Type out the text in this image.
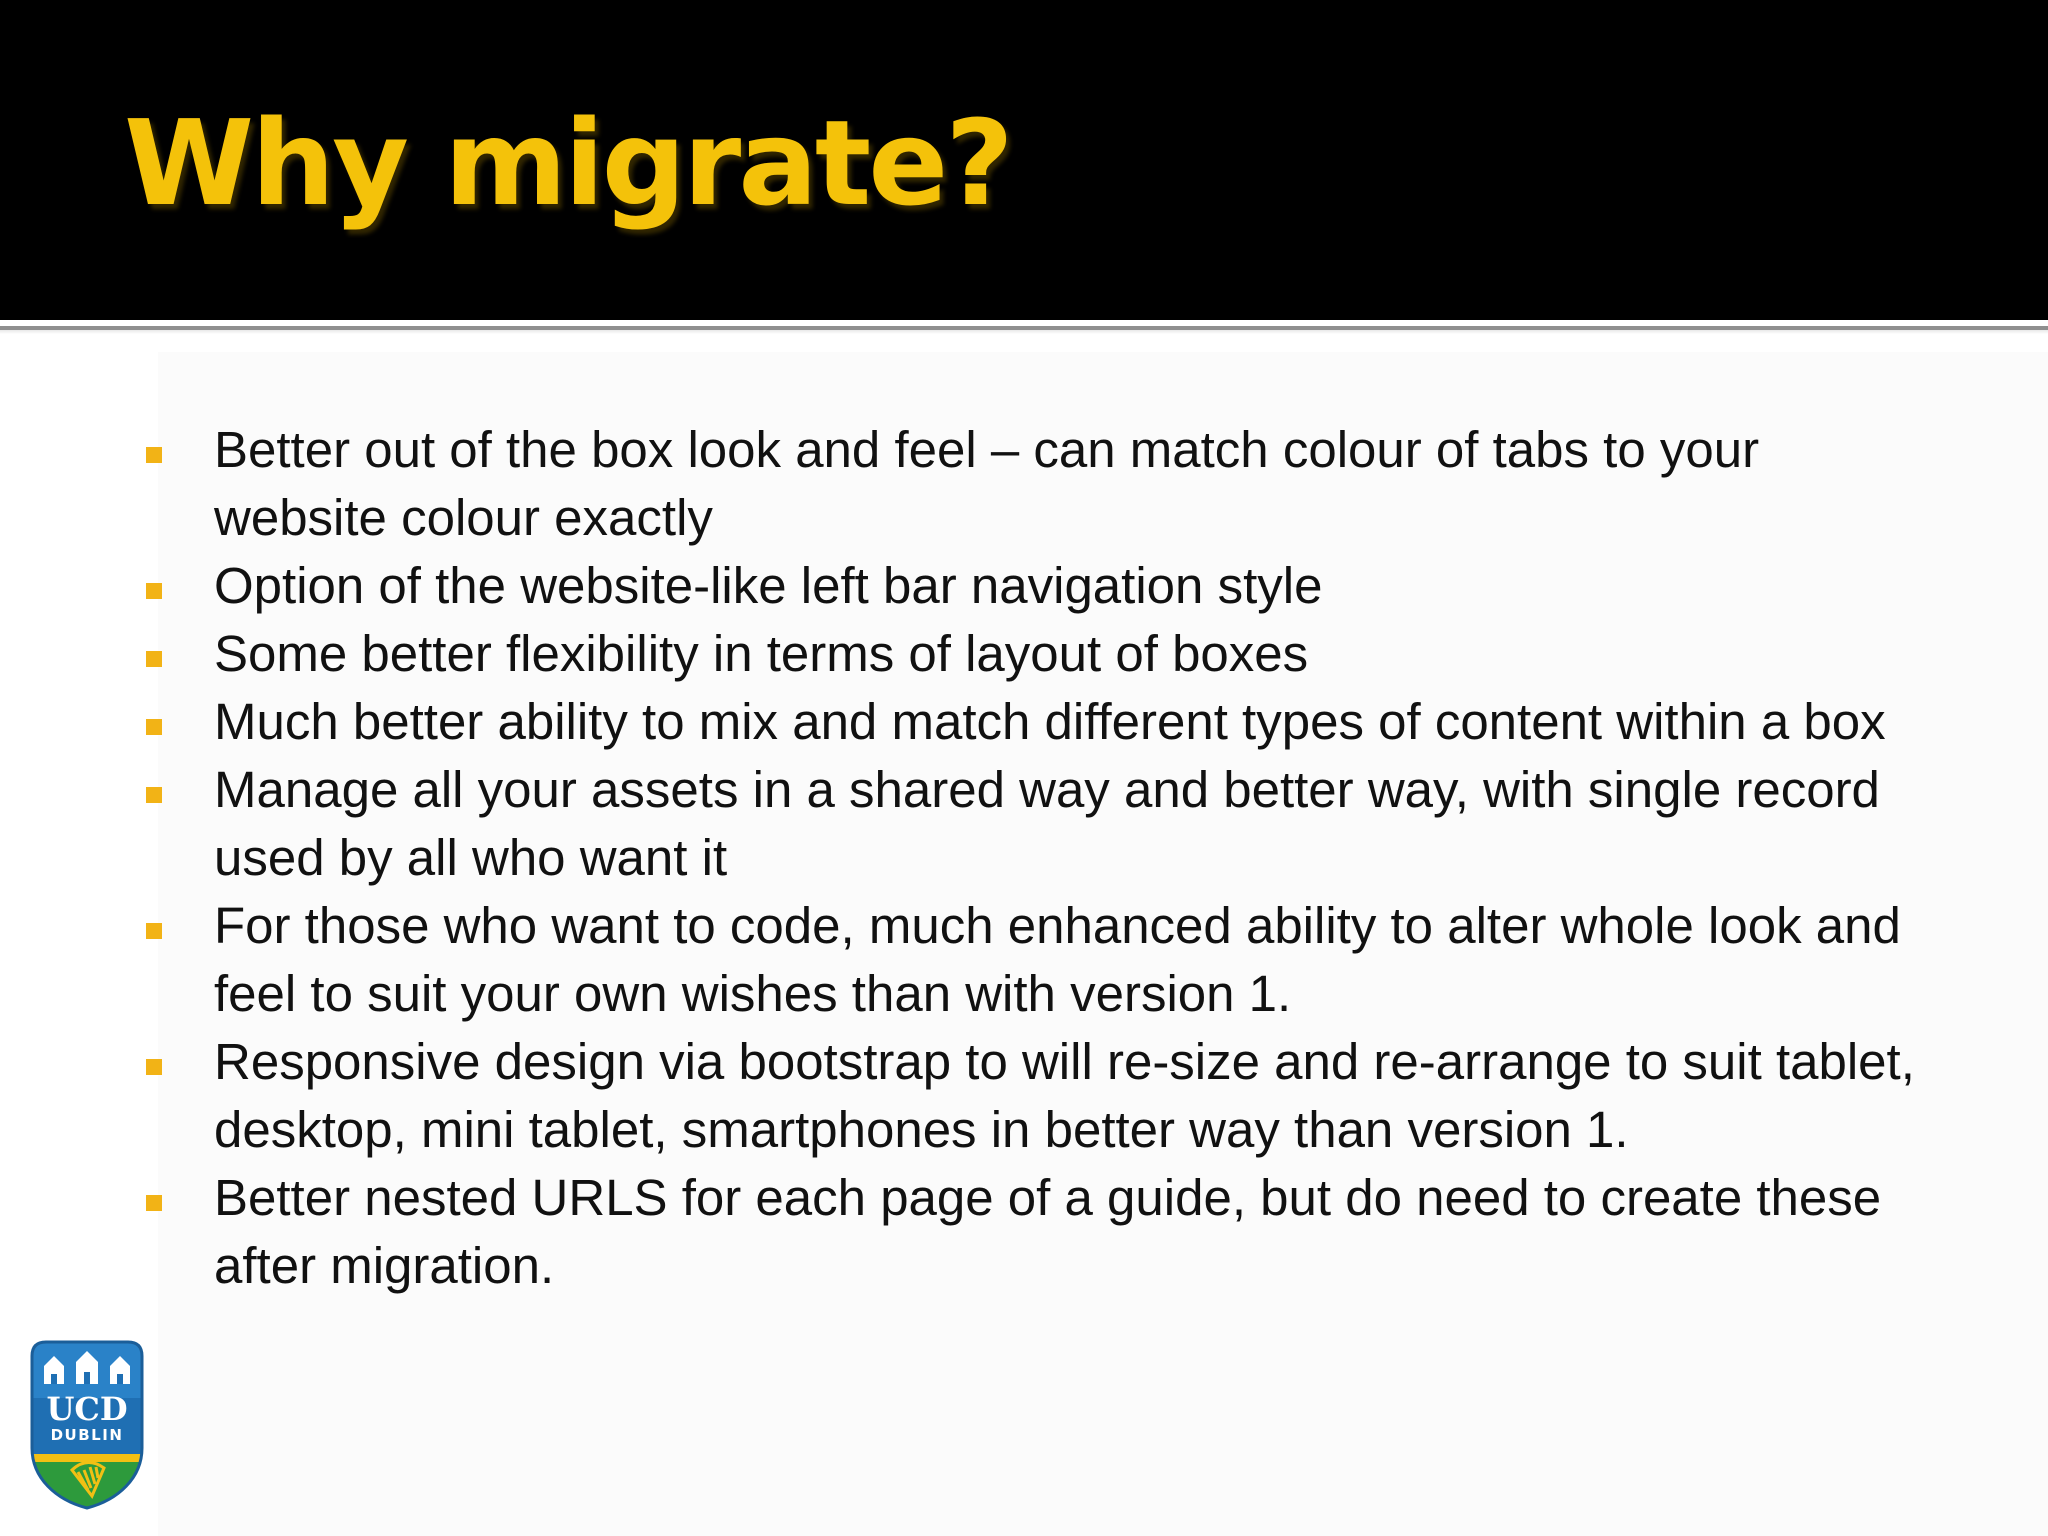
Why migrate?
Better out of the box look and feel – can match colour of tabs to your website colour exactly
Option of the website-like left bar navigation style
Some better flexibility in terms of layout of boxes
Much better ability to mix and match different types of content within a box
Manage all your assets in a shared way and better way, with single record used by all who want it
For those who want to code, much enhanced ability to alter whole look and feel to suit your own wishes than with version 1.
Responsive design via bootstrap to will re-size and re-arrange to suit tablet, desktop, mini tablet, smartphones in better way than version 1.
Better nested URLS for each page of a guide, but do need to create these after migration.
UCD
DUBLIN
